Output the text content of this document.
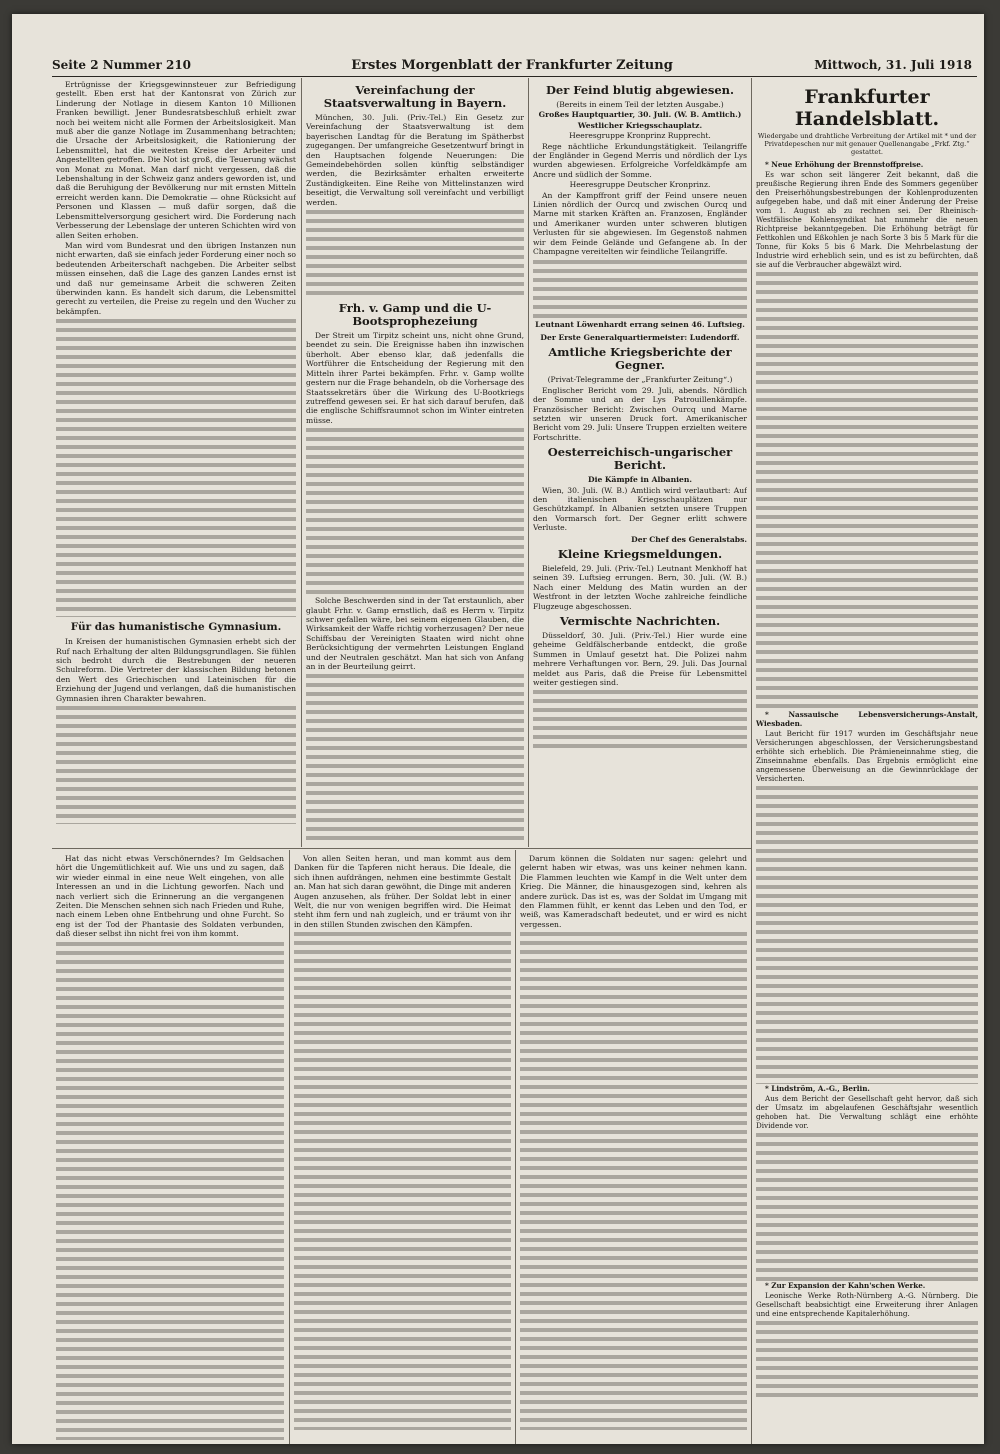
Seite 2 Nummer 210	Erstes Morgenblatt der Frankfurter Zeitung	Mittwoch, 31. Juli 1918

Ertrügnisse der Kriegsgewinnsteuer zur Befriedigung gestellt. Eben erst hat der Kantonsrat von Zürich zur Linderung der Notlage in diesem Kanton 10 Millionen Franken bewilligt. Jener Bundesratsbeschluß erhielt zwar noch bei weitem nicht alle Formen der Arbeitslosigkeit. Man muß aber die ganze Notlage im Zusammenhang betrachten; die Ursache der Arbeitslosigkeit, die Rationierung der Lebensmittel, hat die weitesten Kreise der Arbeiter und Angestellten getroffen. Die Not ist groß, die Teuerung wächst von Monat zu Monat. Man darf nicht vergessen, daß die Lebenshaltung in der Schweiz ganz anders geworden ist, und daß die Beruhigung der Bevölkerung nur mit ernsten Mitteln erreicht werden kann. Die Demokratie — ohne Rücksicht auf Personen und Klassen — muß dafür sorgen, daß die Lebensmittelversorgung gesichert wird. Die Forderung nach Verbesserung der Lebenslage der unteren Schichten wird von allen Seiten erhoben.

Man wird vom Bundesrat und den übrigen Instanzen nun nicht erwarten, daß sie einfach jeder Forderung einer noch so bedeutenden Arbeiterschaft nachgeben. Die Arbeiter selbst müssen einsehen, daß die Lage des ganzen Landes ernst ist und daß nur gemeinsame Arbeit die schweren Zeiten überwinden kann. Es handelt sich darum, die Lebensmittel gerecht zu verteilen, die Preise zu regeln und den Wucher zu bekämpfen.

Für das humanistische Gymnasium.

In Kreisen der humanistischen Gymnasien erhebt sich der Ruf nach Erhaltung der alten Bildungsgrundlagen. Sie fühlen sich bedroht durch die Bestrebungen der neueren Schulreform. Die Vertreter der klassischen Bildung betonen den Wert des Griechischen und Lateinischen für die Erziehung der Jugend und verlangen, daß die humanistischen Gymnasien ihren Charakter bewahren.

Vereinfachung der Staatsverwaltung in Bayern.

München, 30. Juli. (Priv.-Tel.) Ein Gesetz zur Vereinfachung der Staatsverwaltung ist dem bayerischen Landtag für die Beratung im Spätherbst zugegangen. Der umfangreiche Gesetzentwurf bringt in den Hauptsachen folgende Neuerungen: Die Gemeindebehörden sollen künftig selbständiger werden, die Bezirksämter erhalten erweiterte Zuständigkeiten. Eine Reihe von Mittelinstanzen wird beseitigt, die Verwaltung soll vereinfacht und verbilligt werden.

Frh. v. Gamp und die U-Bootsprophezeiung

Der Streit um Tirpitz scheint uns, nicht ohne Grund, beendet zu sein. Die Ereignisse haben ihn inzwischen überholt. Aber ebenso klar, daß jedenfalls die Wortführer die Entscheidung der Regierung mit den Mitteln ihrer Partei bekämpfen. Frhr. v. Gamp wollte gestern nur die Frage behandeln, ob die Vorhersage des Staatssekretärs über die Wirkung des U-Bootkriegs zutreffend gewesen sei. Er hat sich darauf berufen, daß die englische Schiffsraumnot schon im Winter eintreten müsse.

Solche Beschwerden sind in der Tat erstaunlich, aber glaubt Frhr. v. Gamp ernstlich, daß es Herrn v. Tirpitz schwer gefallen wäre, bei seinem eigenen Glauben, die Wirksamkeit der Waffe richtig vorherzusagen? Der neue Schiffsbau der Vereinigten Staaten wird nicht ohne Berücksichtigung der vermehrten Leistungen England und der Neutralen geschätzt. Man hat sich von Anfang an in der Beurteilung geirrt.

Der Feind blutig abgewiesen.
(Bereits in einem Teil der letzten Ausgabe.)
Großes Hauptquartier, 30. Juli. (W. B. Amtlich.)
Westlicher Kriegsschauplatz.
Heeresgruppe Kronprinz Rupprecht.

Rege nächtliche Erkundungstätigkeit. Teilangriffe der Engländer in Gegend Merris und nördlich der Lys wurden abgewiesen. Erfolgreiche Vorfeldkämpfe am Ancre und südlich der Somme.

Heeresgruppe Deutscher Kronprinz.

An der Kampffront griff der Feind unsere neuen Linien nördlich der Ourcq und zwischen Ourcq und Marne mit starken Kräften an. Franzosen, Engländer und Amerikaner wurden unter schweren blutigen Verlusten für sie abgewiesen. Im Gegenstoß nahmen wir dem Feinde Gelände und Gefangene ab. In der Champagne vereitelten wir feindliche Teilangriffe.

Leutnant Löwenhardt errang seinen 46. Luftsieg.
Der Erste Generalquartiermeister: Ludendorff.
Amtliche Kriegsberichte der Gegner.
(Privat-Telegramme der „Frankfurter Zeitung“.)

Englischer Bericht vom 29. Juli, abends. Nördlich der Somme und an der Lys Patrouillenkämpfe. Französischer Bericht: Zwischen Ourcq und Marne setzten wir unseren Druck fort. Amerikanischer Bericht vom 29. Juli: Unsere Truppen erzielten weitere Fortschritte.

Oesterreichisch-ungarischer Bericht.
Die Kämpfe in Albanien.

Wien, 30. Juli. (W. B.) Amtlich wird verlautbart: Auf den italienischen Kriegsschauplätzen nur Geschützkampf. In Albanien setzten unsere Truppen den Vormarsch fort. Der Gegner erlitt schwere Verluste.

Der Chef des Generalstabs.
Kleine Kriegsmeldungen.

Bielefeld, 29. Juli. (Priv.-Tel.) Leutnant Menkhoff hat seinen 39. Luftsieg errungen. Bern, 30. Juli. (W. B.) Nach einer Meldung des Matin wurden an der Westfront in der letzten Woche zahlreiche feindliche Flugzeuge abgeschossen.

Vermischte Nachrichten.

Düsseldorf, 30. Juli. (Priv.-Tel.) Hier wurde eine geheime Geldfälscherbande entdeckt, die große Summen in Umlauf gesetzt hat. Die Polizei nahm mehrere Verhaftungen vor. Bern, 29. Juli. Das Journal meldet aus Paris, daß die Preise für Lebensmittel weiter gestiegen sind.

Frankfurter Handelsblatt.
Wiedergabe und drahtliche Verbreitung der Artikel mit * und der Privatdepeschen nur mit genauer Quellenangabe „Frkf. Ztg.“ gestattet.

* Neue Erhöhung der Brennstoffpreise.

Es war schon seit längerer Zeit bekannt, daß die preußische Regierung ihren Ende des Sommers gegenüber den Preiserhöhungsbestrebungen der Kohlenproduzenten aufgegeben habe, und daß mit einer Änderung der Preise vom 1. August ab zu rechnen sei. Der Rheinisch-Westfälische Kohlensyndikat hat nunmehr die neuen Richtpreise bekanntgegeben. Die Erhöhung beträgt für Fettkohlen und Eßkohlen je nach Sorte 3 bis 5 Mark für die Tonne, für Koks 5 bis 6 Mark. Die Mehrbelastung der Industrie wird erheblich sein, und es ist zu befürchten, daß sie auf die Verbraucher abgewälzt wird.

* Nassauische Lebensversicherungs-Anstalt, Wiesbaden.

Laut Bericht für 1917 wurden im Geschäftsjahr neue Versicherungen abgeschlossen, der Versicherungsbestand erhöhte sich erheblich. Die Prämieneinnahme stieg, die Zinseinnahme ebenfalls. Das Ergebnis ermöglicht eine angemessene Überweisung an die Gewinnrücklage der Versicherten.

* Lindström, A.-G., Berlin.

Aus dem Bericht der Gesellschaft geht hervor, daß sich der Umsatz im abgelaufenen Geschäftsjahr wesentlich gehoben hat. Die Verwaltung schlägt eine erhöhte Dividende vor.

* Zur Expansion der Kahn'schen Werke.

Leonische Werke Roth-Nürnberg A.-G. Nürnberg. Die Gesellschaft beabsichtigt eine Erweiterung ihrer Anlagen und eine entsprechende Kapitalerhöhung.

Hat das nicht etwas Verschönerndes? Im Geldsachen hört die Ungemütlichkeit auf. Wie uns und zu sagen, daß wir wieder einmal in eine neue Welt eingehen, von alle Interessen an und in die Lichtung geworfen. Nach und nach verliert sich die Erinnerung an die vergangenen Zeiten. Die Menschen sehnen sich nach Frieden und Ruhe, nach einem Leben ohne Entbehrung und ohne Furcht. So eng ist der Tod der Phantasie des Soldaten verbunden, daß dieser selbst ihn nicht frei von ihm kommt.

Von allen Seiten heran, und man kommt aus dem Danken für die Tapferen nicht heraus. Die Ideale, die sich ihnen aufdrängen, nehmen eine bestimmte Gestalt an. Man hat sich daran gewöhnt, die Dinge mit anderen Augen anzusehen, als früher. Der Soldat lebt in einer Welt, die nur von wenigen begriffen wird. Die Heimat steht ihm fern und nah zugleich, und er träumt von ihr in den stillen Stunden zwischen den Kämpfen.

Darum können die Soldaten nur sagen: gelehrt und gelernt haben wir etwas, was uns keiner nehmen kann. Die Flammen leuchten wie Kampf in die Welt unter dem Krieg. Die Männer, die hinausgezogen sind, kehren als andere zurück. Das ist es, was der Soldat im Umgang mit den Flammen fühlt, er kennt das Leben und den Tod, er weiß, was Kameradschaft bedeutet, und er wird es nicht vergessen.
